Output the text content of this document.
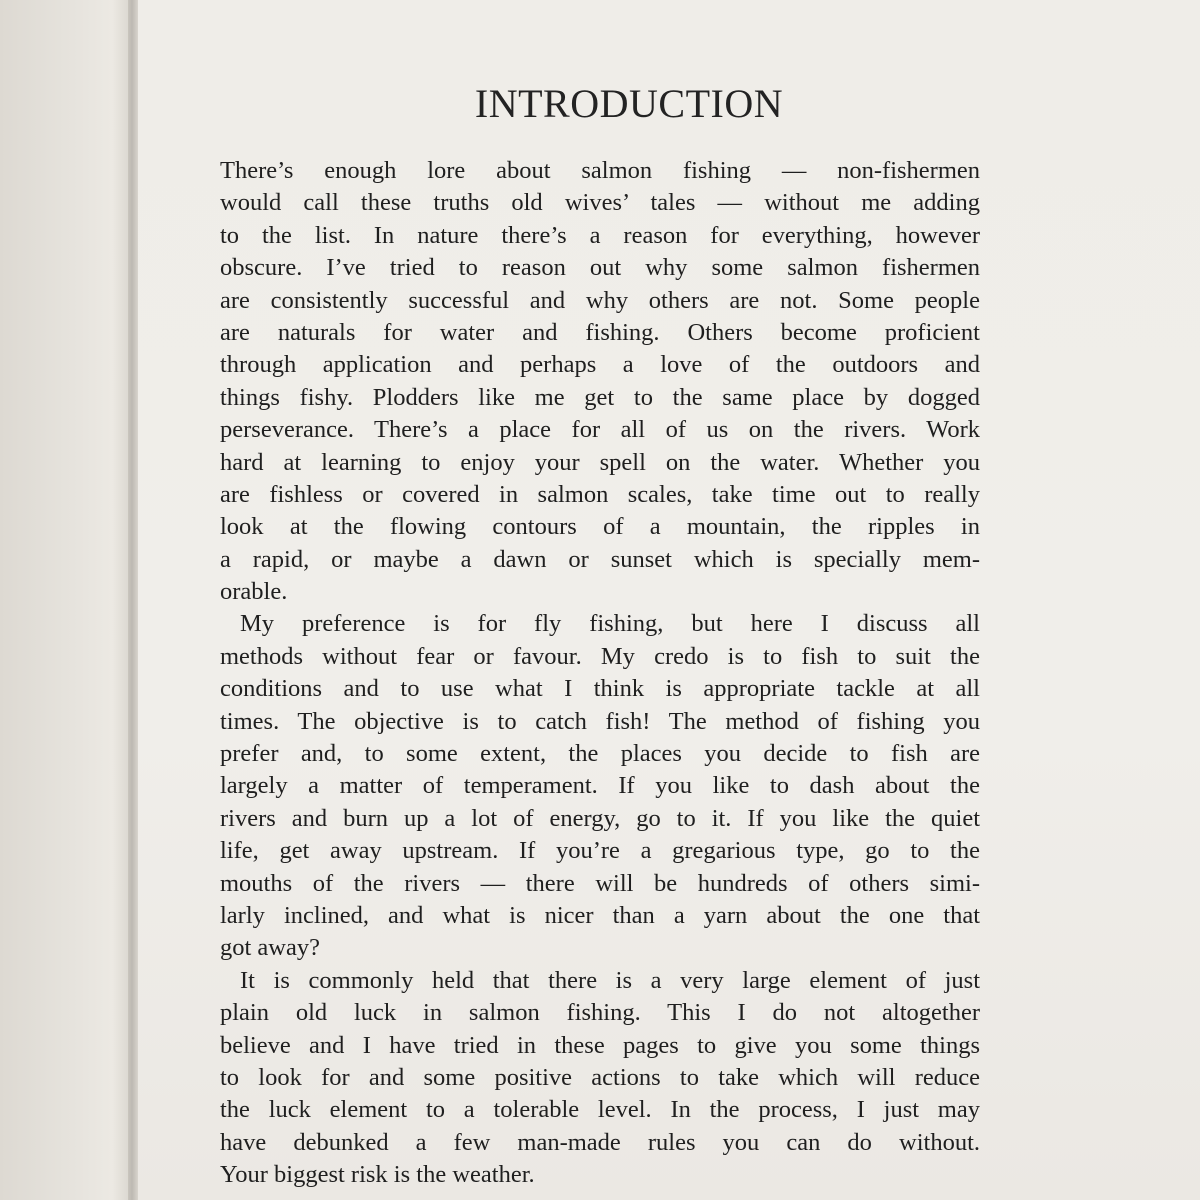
INTRODUCTION
There’s enough lore about salmon fishing — non-fishermen
would call these truths old wives’ tales — without me adding
to the list. In nature there’s a reason for everything, however
obscure. I’ve tried to reason out why some salmon fishermen
are consistently successful and why others are not. Some people
are naturals for water and fishing. Others become proficient
through application and perhaps a love of the outdoors and
things fishy. Plodders like me get to the same place by dogged
perseverance. There’s a place for all of us on the rivers. Work
hard at learning to enjoy your spell on the water. Whether you
are fishless or covered in salmon scales, take time out to really
look at the flowing contours of a mountain, the ripples in
a rapid, or maybe a dawn or sunset which is specially mem-
orable.
My preference is for fly fishing, but here I discuss all
methods without fear or favour. My credo is to fish to suit the
conditions and to use what I think is appropriate tackle at all
times. The objective is to catch fish! The method of fishing you
prefer and, to some extent, the places you decide to fish are
largely a matter of temperament. If you like to dash about the
rivers and burn up a lot of energy, go to it. If you like the quiet
life, get away upstream. If you’re a gregarious type, go to the
mouths of the rivers — there will be hundreds of others simi-
larly inclined, and what is nicer than a yarn about the one that
got away?
It is commonly held that there is a very large element of just
plain old luck in salmon fishing. This I do not altogether
believe and I have tried in these pages to give you some things
to look for and some positive actions to take which will reduce
the luck element to a tolerable level. In the process, I just may
have debunked a few man-made rules you can do without.
Your biggest risk is the weather.
